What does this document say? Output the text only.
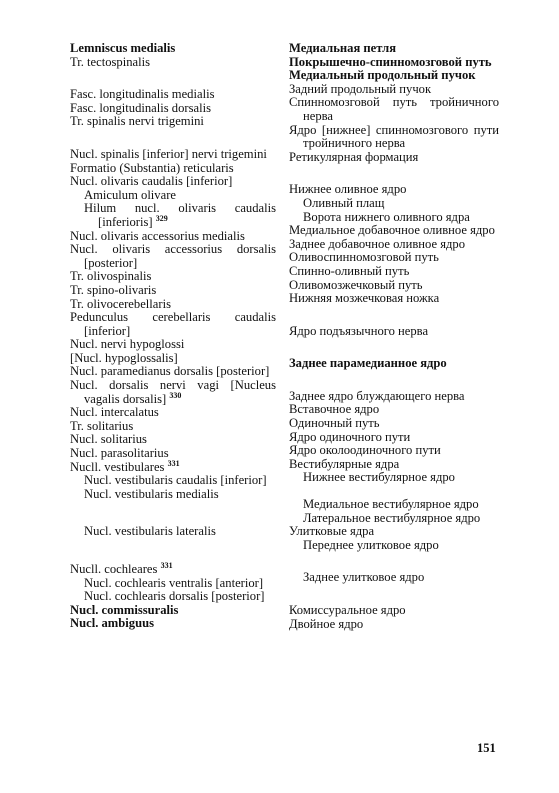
Lemniscus medialis
Tr. tectospinalis
Fasc. longitudinalis medialis
Fasc. longitudinalis dorsalis
Tr. spinalis nervi trigemini
Nucl. spinalis [inferior] nervi trigemini
Formatio (Substantia) reticularis
Nucl. olivaris caudalis [inferior]
Amiculum olivare
Hilum nucl. olivaris caudalis [inferioris] $^{329}$
Nucl. olivaris accessorius medialis
Nucl. olivaris accessorius dorsalis [posterior]
Tr. olivospinalis
Tr. spino-olivaris
Tr. olivocerebellaris
Pedunculus cerebellaris caudalis [inferior]
Nucl. nervi hypoglossi
[Nucl. hypoglossalis]
Nucl. paramedianus dorsalis [posterior]
Nucl. dorsalis nervi vagi [Nucleus vagalis dorsalis] $^{330}$
Nucl. intercalatus
Tr. solitarius
Nucl. solitarius
Nucl. parasolitarius
Nucll. vestibulares $^{331}$
Nucl. vestibularis caudalis [inferior]
Nucl. vestibularis medialis
Nucl. vestibularis lateralis
Nucll. cochleares $^{331}$
Nucl. cochlearis ventralis [anterior]
Nucl. cochlearis dorsalis [posterior]
Nucl. commissuralis
Nucl. ambiguus
Медиальная петля
Покрышечно-спинномозговой путь
Медиальный продольный пучок
Задний продольный пучок
Спинномозговой путь тройничного нерва
Ядро [нижнее] спинномозгового пути тройничного нерва
Ретикулярная формация
Нижнее оливное ядро
Оливный плащ
Ворота нижнего оливного ядра
Медиальное добавочное оливное ядро
Заднее добавочное оливное ядро
Оливоспинномозговой путь
Спинно-оливный путь
Оливомозжечковый путь
Нижняя мозжечковая ножка
Ядро подъязычного нерва
Заднее парамедианное ядро
Заднее ядро блуждающего нерва
Вставочное ядро
Одиночный путь
Ядро одиночного пути
Ядро околоодиночного пути
Вестибулярные ядра
Нижнее вестибулярное ядро
Медиальное вестибулярное ядро
Латеральное вестибулярное ядро
Улитковые ядра
Переднее улитковое ядро
Заднее улитковое ядро
Комиссуральное ядро
Двойное ядро
151
